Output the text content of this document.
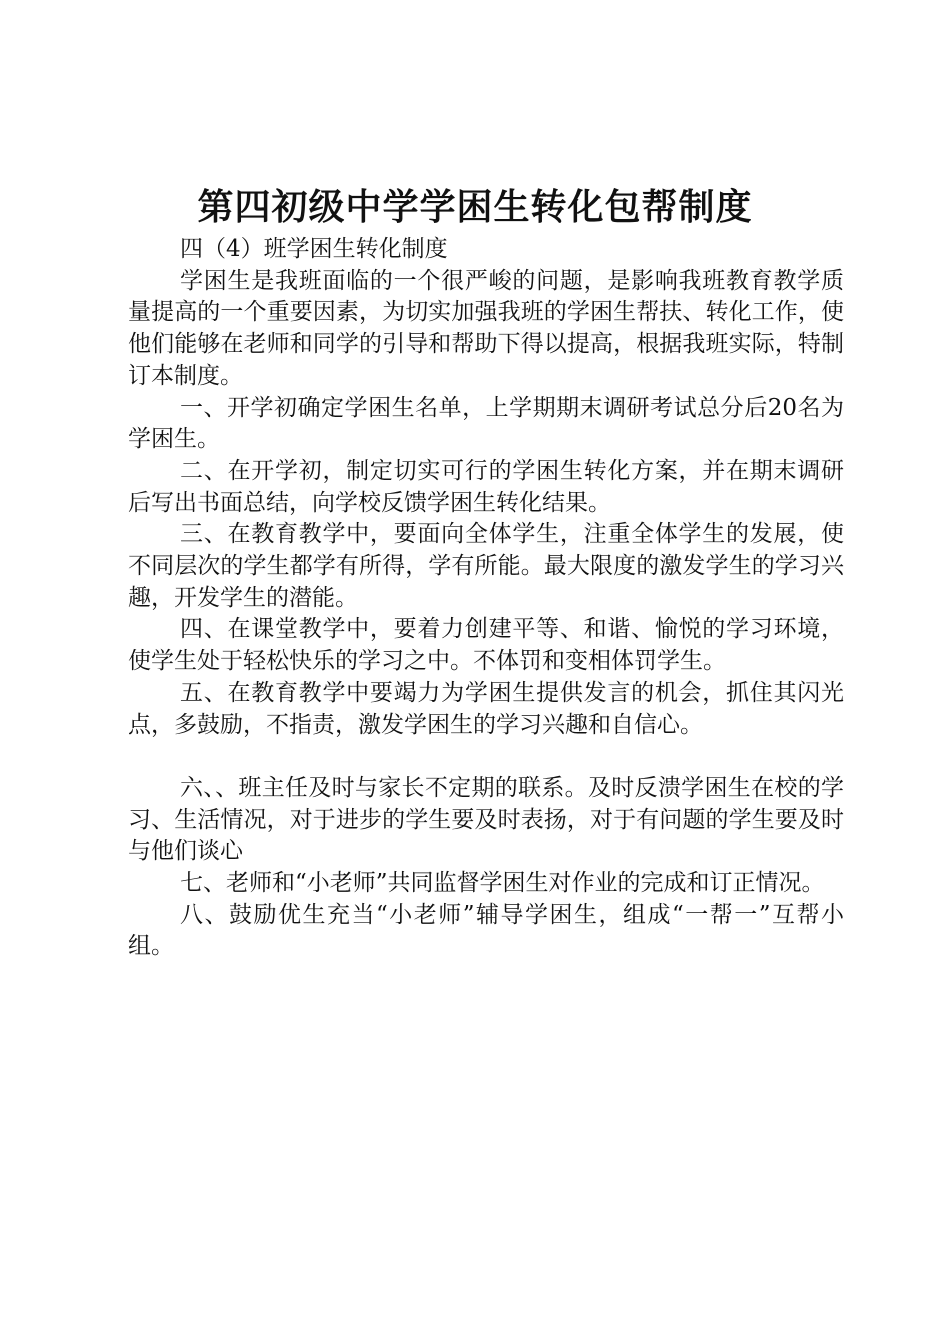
第四初级中学学困生转化包帮制度

四（4）班学困生转化制度

学困生是我班面临的一个很严峻的问题，是影响我班教育教学质量提高的一个重要因素，为切实加强我班的学困生帮扶、转化工作，使他们能够在老师和同学的引导和帮助下得以提高，根据我班实际，特制订本制度。

一、开学初确定学困生名单，上学期期末调研考试总分后20名为学困生。

二、在开学初，制定切实可行的学困生转化方案，并在期末调研后写出书面总结，向学校反馈学困生转化结果。

三、在教育教学中，要面向全体学生，注重全体学生的发展，使不同层次的学生都学有所得，学有所能。最大限度的激发学生的学习兴趣，开发学生的潜能。

四、在课堂教学中，要着力创建平等、和谐、愉悦的学习环境，使学生处于轻松快乐的学习之中。不体罚和变相体罚学生。

五、在教育教学中要竭力为学困生提供发言的机会，抓住其闪光点，多鼓励，不指责，激发学困生的学习兴趣和自信心。

六、、班主任及时与家长不定期的联系。及时反溃学困生在校的学习、生活情况，对于进步的学生要及时表扬，对于有问题的学生要及时与他们谈心

七、老师和“小老师”共同监督学困生对作业的完成和订正情况。

八、鼓励优生充当“小老师”辅导学困生，组成“一帮一”互帮小组。
